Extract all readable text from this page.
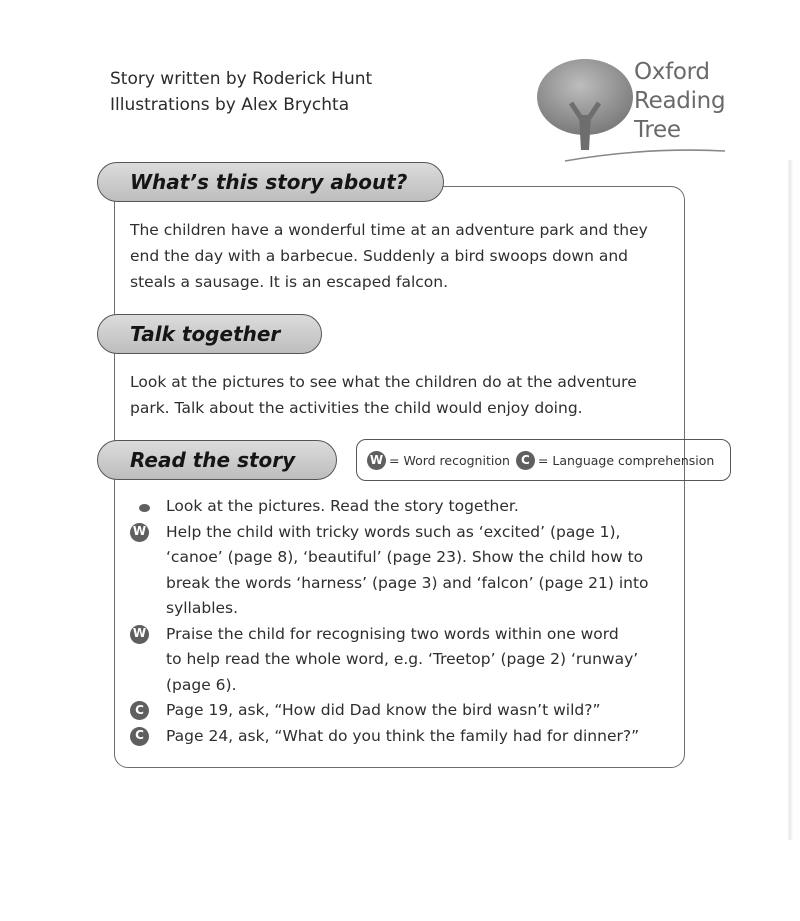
Story written by Roderick Hunt
Illustrations by Alex Brychta
Oxford
Reading
Tree
What’s this story about?
The children have a wonderful time at an adventure park and they
end the day with a barbecue. Suddenly a bird swoops down and
steals a sausage. It is an escaped falcon.
Talk together
Look at the pictures to see what the children do at the adventure
park. Talk about the activities the child would enjoy doing.
Read the story	W = Word recognition C = Language comprehension
Look at the pictures. Read the story together.
W Help the child with tricky words such as ‘excited’ (page 1),
‘canoe’ (page 8), ‘beautiful’ (page 23). Show the child how to
break the words ‘harness’ (page 3) and ‘falcon’ (page 21) into
syllables.
W Praise the child for recognising two words within one word
to help read the whole word, e.g. ‘Treetop’ (page 2) ‘runway’
(page 6).
C	Page 19, ask, “How did Dad know the bird wasn’t wild?”
C	Page 24, ask, “What do you think the family had for dinner?”
